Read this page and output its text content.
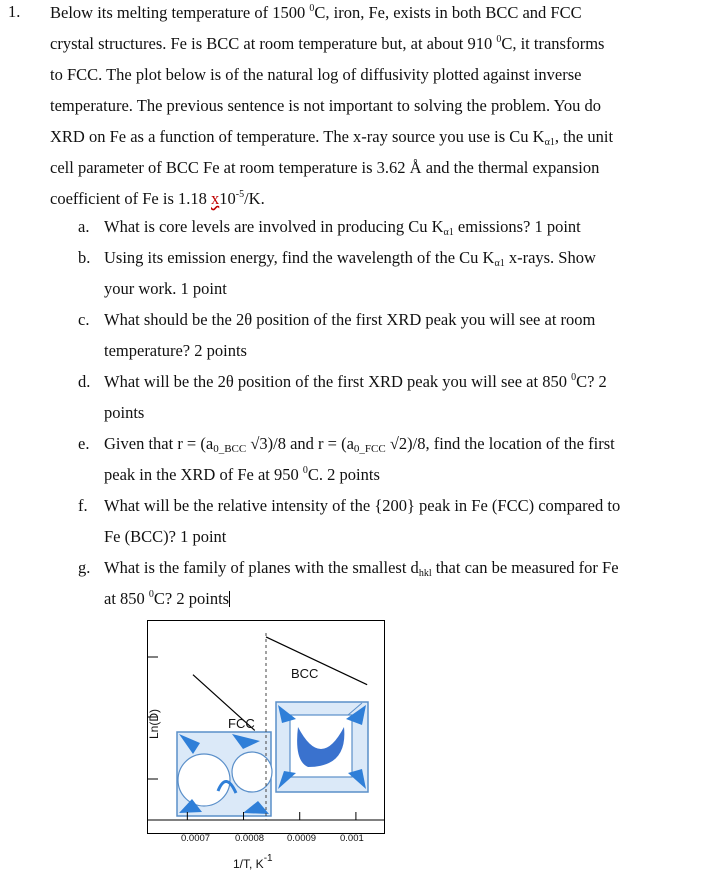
1. Below its melting temperature of 1500 $^0$C, iron, Fe, exists in both BCC and FCC
crystal structures. Fe is BCC at room temperature but, at about 910 $^0$C, it transforms
to FCC. The plot below is of the natural log of diffusivity plotted against inverse
temperature. The previous sentence is not important to solving the problem. You do
XRD on Fe as a function of temperature. The x-ray source you use is Cu $K_{\alpha 1}$, the unit
cell parameter of BCC Fe at room temperature is 3.62 Å and the thermal expansion
coefficient of Fe is 1.18 $x10^{-5}/K$.
a. What is core levels are involved in producing Cu $K_{\alpha 1}$ emissions? 1 point
b. Using its emission energy, find the wavelength of the Cu $K_{\alpha 1}$ x-rays. Show
your work. 1 point
c. What should be the 2θ position of the first XRD peak you will see at room
temperature? 2 points
d. What will be the 2θ position of the first XRD peak you will see at 850 $^0$C? 2
points
e. Given that $r = (a_{0\_BCC}$ √3)/8 and $r = (a_{0\_FCC}$ √2)/8, find the location of the first
peak in the XRD of Fe at 950 $^0$C. 2 points
f. What will be the relative intensity of the {200} peak in Fe (FCC) compared to
Fe (BCC)? 1 point
g. What is the family of planes with the smallest $d_{hkl}$ that can be measured for Fe
at 850 $^0$C? 2 points
FCC
BCC
Ln(D)
0.0007	0.0008 0.0009	0.001
1/T, $K^{-1}$
